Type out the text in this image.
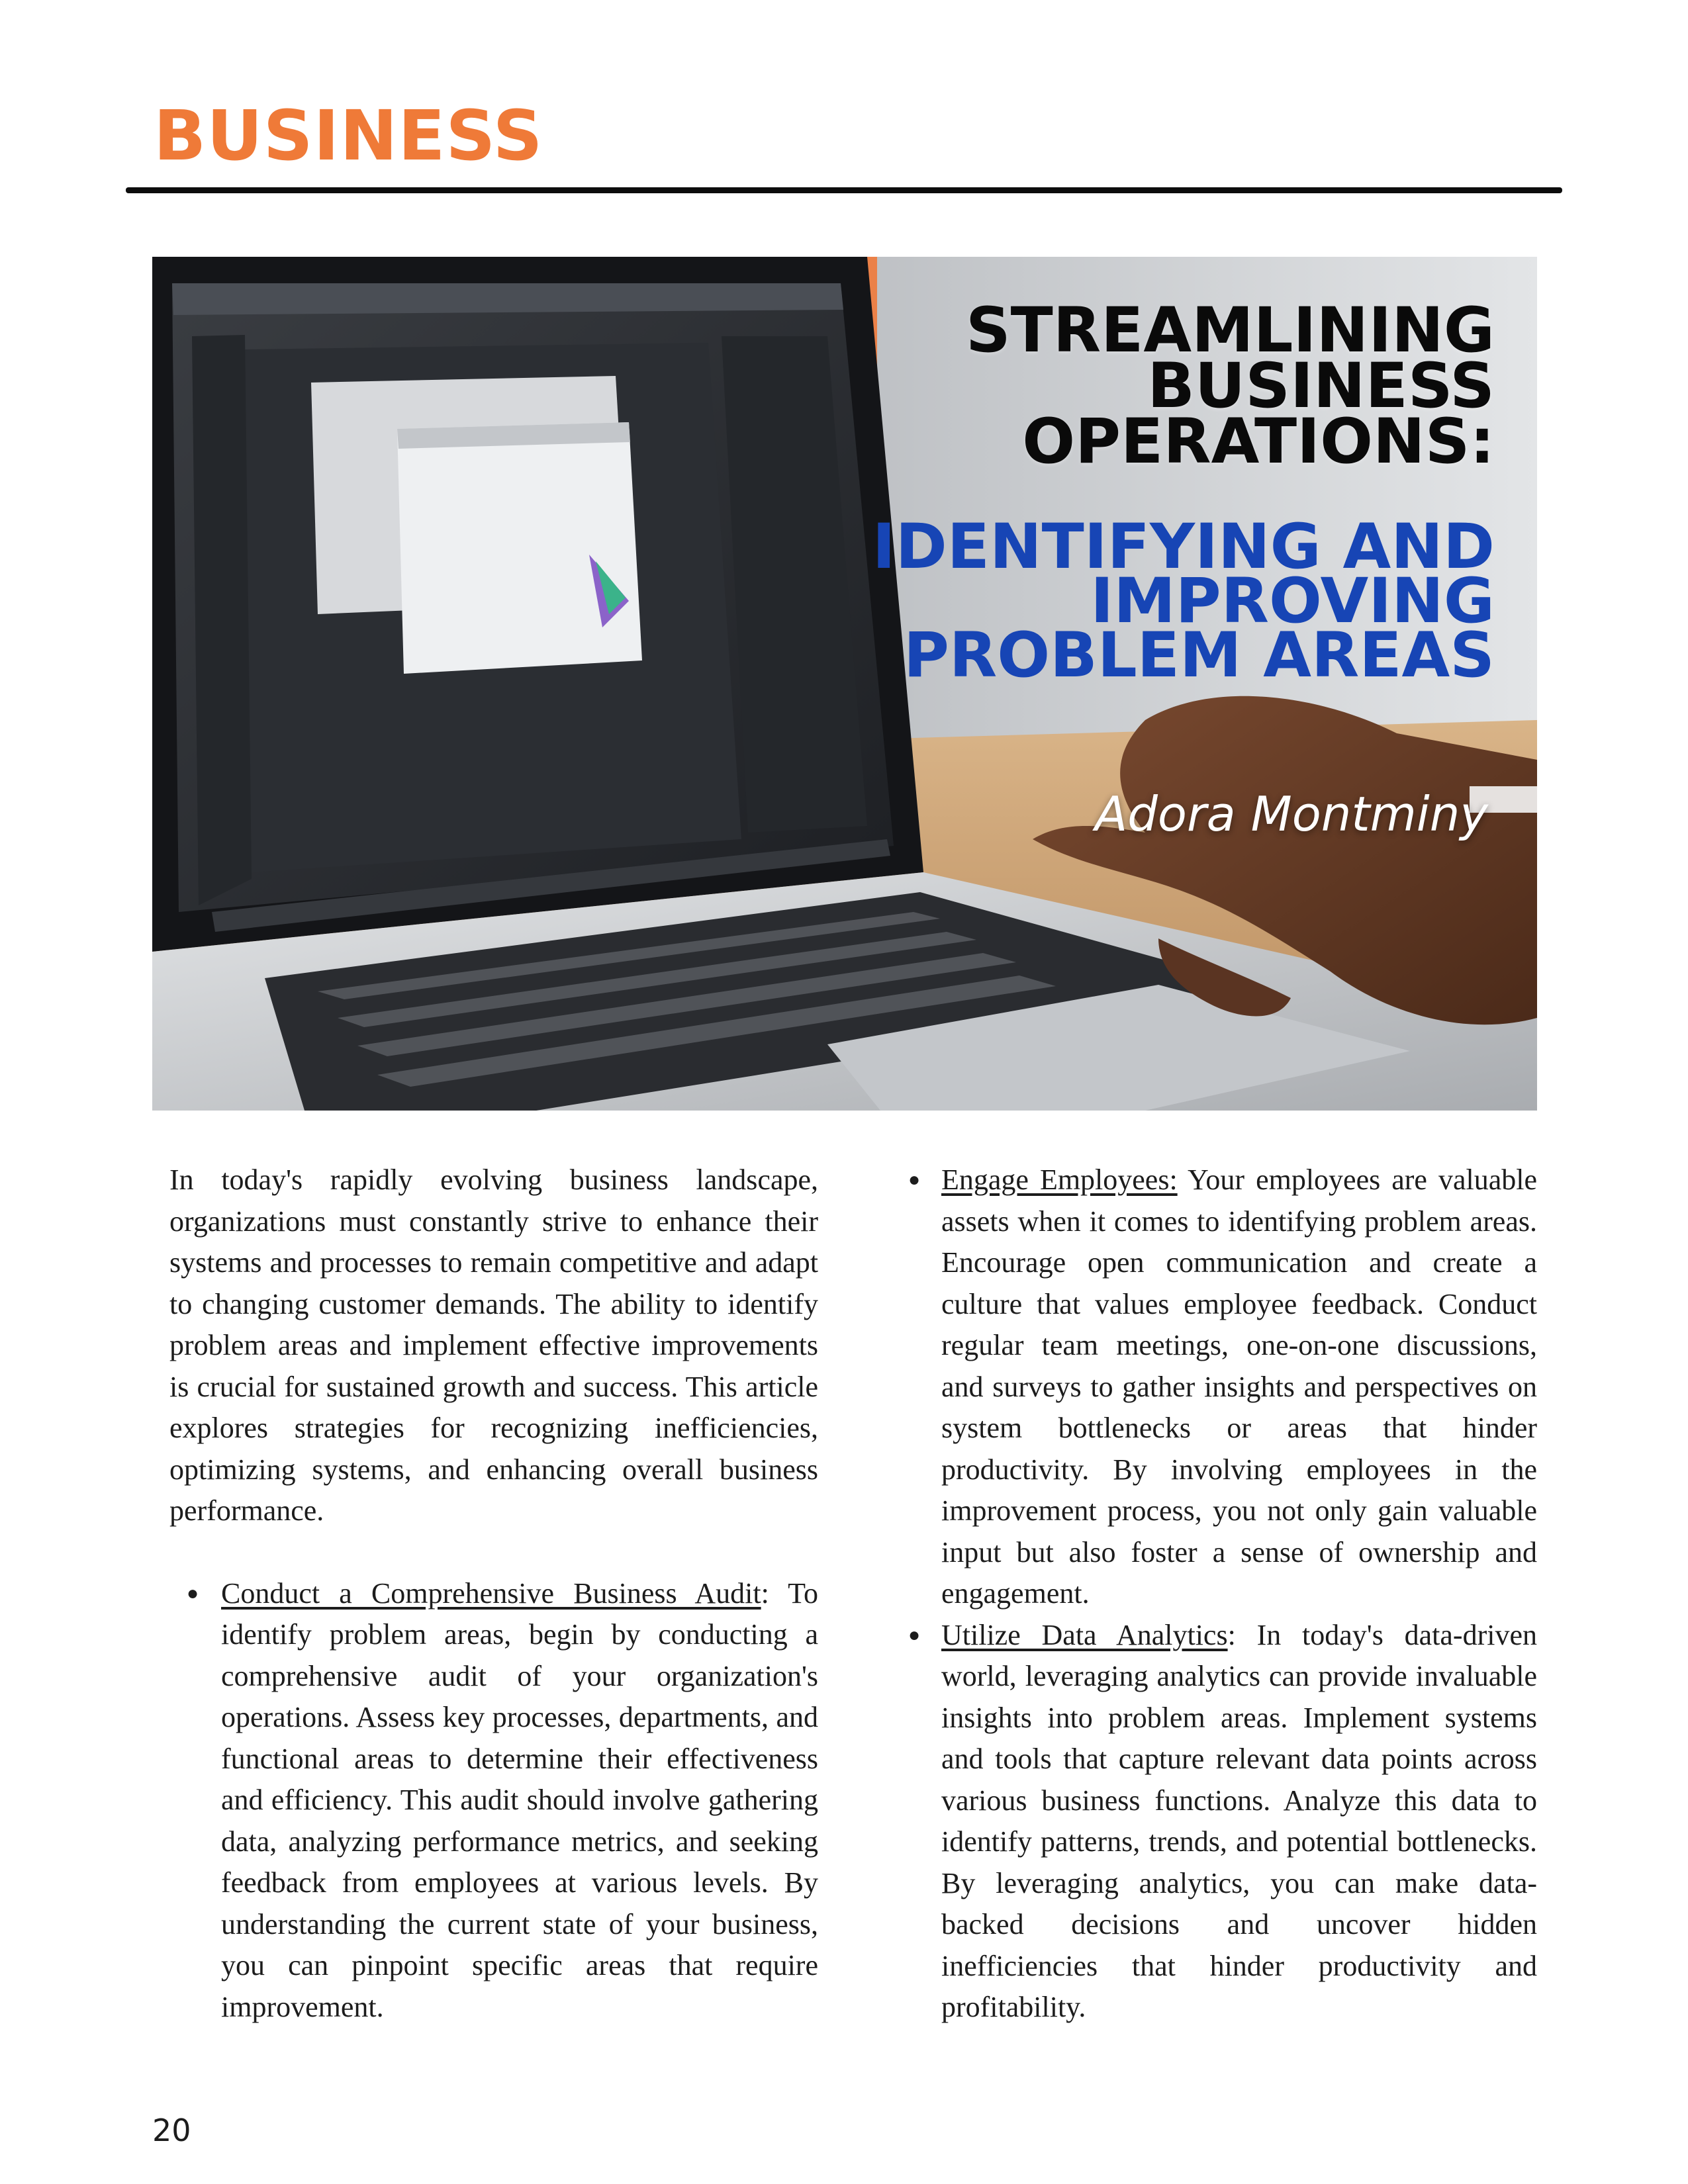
BUSINESS
STREAMLINING BUSINESS OPERATIONS:
IDENTIFYING AND IMPROVING PROBLEM AREAS

Adora Montminy

In today's rapidly evolving business landscape, organizations must constantly strive to enhance their systems and processes to remain competitive and adapt to changing customer demands. The ability to identify problem areas and implement effective improvements is crucial for sustained growth and success. This article explores strategies for recognizing inefficiencies, optimizing systems, and enhancing overall business performance.

● Conduct a Comprehensive Business Audit: To identify problem areas, begin by conducting a comprehensive audit of your organization's operations. Assess key processes, departments, and functional areas to determine their effectiveness and efficiency. This audit should involve gathering data, analyzing performance metrics, and seeking feedback from employees at various levels. By understanding the current state of your business, you can pinpoint specific areas that require improvement.
● Engage Employees: Your employees are valuable assets when it comes to identifying problem areas. Encourage open communication and create a culture that values employee feedback. Conduct regular team meetings, one-on-one discussions, and surveys to gather insights and perspectives on system bottlenecks or areas that hinder productivity. By involving employees in the improvement process, you not only gain valuable input but also foster a sense of ownership and engagement.
● Utilize Data Analytics: In today's data-driven world, leveraging analytics can provide invaluable insights into problem areas. Implement systems and tools that capture relevant data points across various business functions. Analyze this data to identify patterns, trends, and potential bottlenecks. By leveraging analytics, you can make data-backed decisions and uncover hidden inefficiencies that hinder productivity and profitability.

20
